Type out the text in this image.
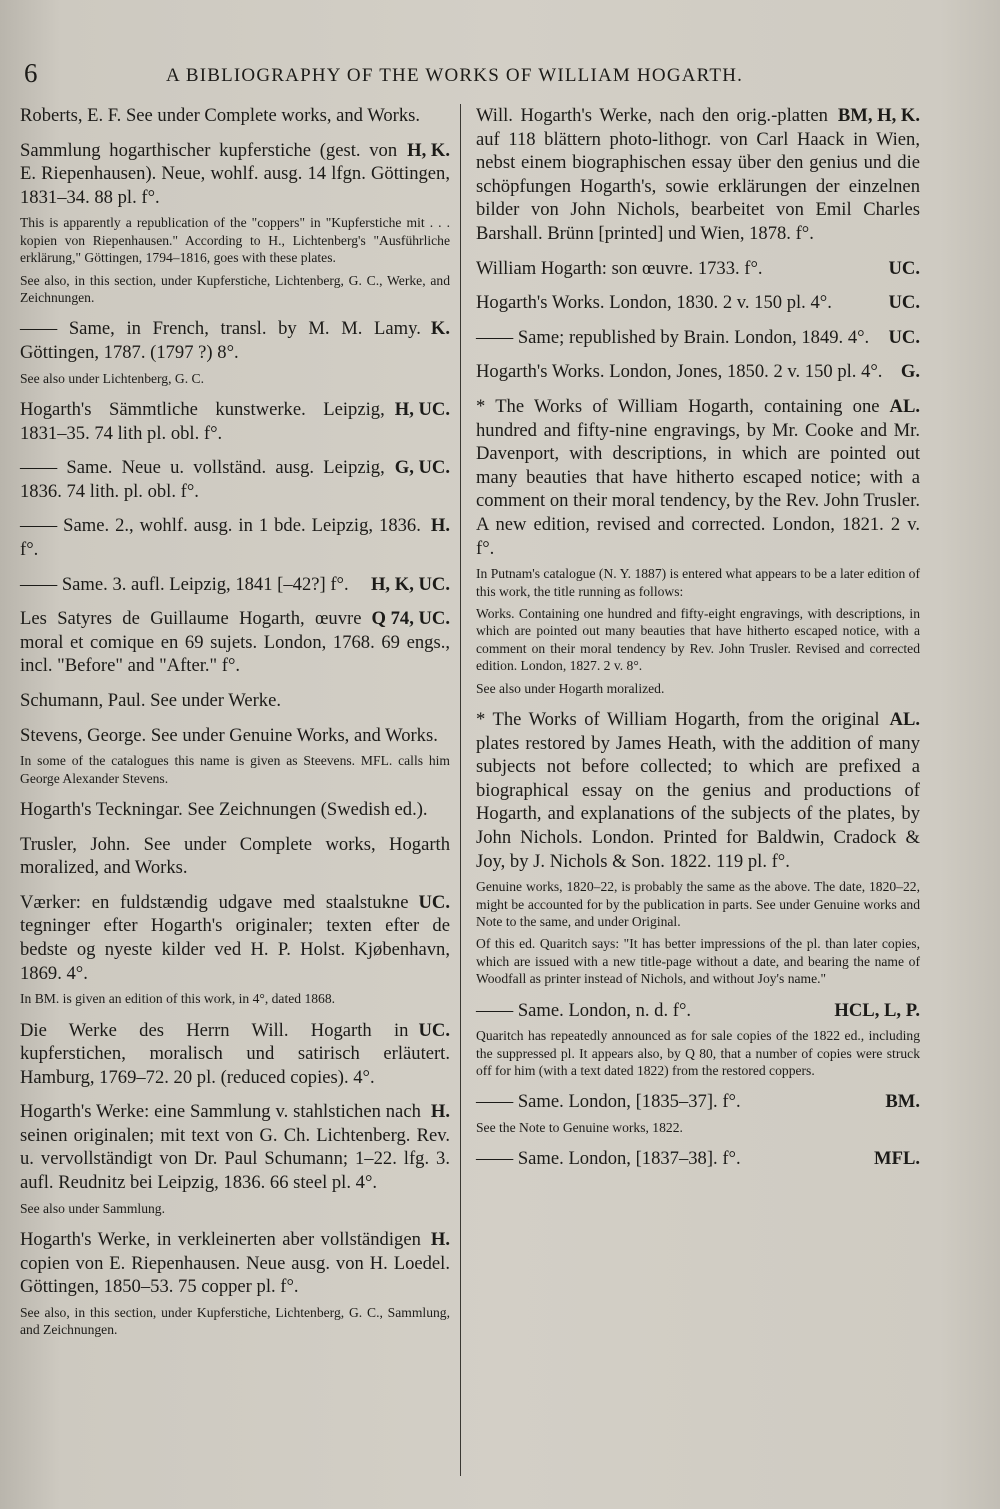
6	A BIBLIOGRAPHY OF THE WORKS OF WILLIAM HOGARTH.
Roberts, E. F. See under Complete works, and Works.
H, K.
Sammlung hogarthischer kupferstiche (gest. von E. Riepenhausen). Neue, wohlf. ausg. 14 lfgn. Göttingen, 1831–34. 88 pl. f°.
This is apparently a republication of the "coppers" in "Kupferstiche mit . . . kopien von Riepenhausen." According to H., Lichtenberg's "Ausführliche erklärung," Göttingen, 1794–1816, goes with these plates.
See also, in this section, under Kupferstiche, Lichtenberg, G. C., Werke, and Zeichnungen.
K.
—— Same, in French, transl. by M. M. Lamy. Göttingen, 1787. (1797 ?) 8°.
See also under Lichtenberg, G. C.
H, UC.
Hogarth's Sämmtliche kunstwerke. Leipzig, 1831–35. 74 lith pl. obl. f°.
G, UC.
—— Same. Neue u. vollständ. ausg. Leipzig, 1836. 74 lith. pl. obl. f°.
H.
—— Same. 2., wohlf. ausg. in 1 bde. Leipzig, 1836. f°.
H, K, UC.
—— Same. 3. aufl. Leipzig, 1841 [–42?] f°.
Q 74, UC.
Les Satyres de Guillaume Hogarth, œuvre moral et comique en 69 sujets. London, 1768. 69 engs., incl. "Before" and "After." f°.
Schumann, Paul. See under Werke.
Stevens, George. See under Genuine Works, and Works.
In some of the catalogues this name is given as Steevens. MFL. calls him George Alexander Stevens.
Hogarth's Teckningar. See Zeichnungen (Swedish ed.).
Trusler, John. See under Complete works, Hogarth moralized, and Works.
UC.
Værker: en fuldstændig udgave med staalstukne tegninger efter Hogarth's originaler; texten efter de bedste og nyeste kilder ved H. P. Holst. Kjøbenhavn, 1869. 4°.
In BM. is given an edition of this work, in 4°, dated 1868.
UC.
Die Werke des Herrn Will. Hogarth in kupferstichen, moralisch und satirisch erläutert. Hamburg, 1769–72. 20 pl. (reduced copies). 4°.
H.
Hogarth's Werke: eine Sammlung v. stahlstichen nach seinen originalen; mit text von G. Ch. Lichtenberg. Rev. u. vervollständigt von Dr. Paul Schumann; 1–22. lfg. 3. aufl. Reudnitz bei Leipzig, 1836. 66 steel pl. 4°.
See also under Sammlung.
H.
Hogarth's Werke, in verkleinerten aber vollständigen copien von E. Riepenhausen. Neue ausg. von H. Loedel. Göttingen, 1850–53. 75 copper pl. f°.
See also, in this section, under Kupferstiche, Lichtenberg, G. C., Sammlung, and Zeichnungen.
BM, H, K.
Will. Hogarth's Werke, nach den orig.-platten auf 118 blättern photo-lithogr. von Carl Haack in Wien, nebst einem biographischen essay über den genius und die schöpfungen Hogarth's, sowie erklärungen der einzelnen bilder von John Nichols, bearbeitet von Emil Charles Barshall. Brünn [printed] und Wien, 1878. f°.
UC.
William Hogarth: son œuvre. 1733. f°.
UC.
Hogarth's Works. London, 1830. 2 v. 150 pl. 4°.
UC.
—— Same; republished by Brain. London, 1849. 4°.
G.
Hogarth's Works. London, Jones, 1850. 2 v. 150 pl. 4°.
AL.
* The Works of William Hogarth, containing one hundred and fifty-nine engravings, by Mr. Cooke and Mr. Davenport, with descriptions, in which are pointed out many beauties that have hitherto escaped notice; with a comment on their moral tendency, by the Rev. John Trusler. A new edition, revised and corrected. London, 1821. 2 v. f°.
In Putnam's catalogue (N. Y. 1887) is entered what appears to be a later edition of this work, the title running as follows:
Works. Containing one hundred and fifty-eight engravings, with descriptions, in which are pointed out many beauties that have hitherto escaped notice, with a comment on their moral tendency by Rev. John Trusler. Revised and corrected edition. London, 1827. 2 v. 8°.
See also under Hogarth moralized.
AL.
* The Works of William Hogarth, from the original plates restored by James Heath, with the addition of many subjects not before collected; to which are prefixed a biographical essay on the genius and productions of Hogarth, and explanations of the subjects of the plates, by John Nichols. London. Printed for Baldwin, Cradock & Joy, by J. Nichols & Son. 1822. 119 pl. f°.
Genuine works, 1820–22, is probably the same as the above. The date, 1820–22, might be accounted for by the publication in parts. See under Genuine works and Note to the same, and under Original.
Of this ed. Quaritch says: "It has better impressions of the pl. than later copies, which are issued with a new title-page without a date, and bearing the name of Woodfall as printer instead of Nichols, and without Joy's name."
HCL, L, P.
—— Same. London, n. d. f°.
Quaritch has repeatedly announced as for sale copies of the 1822 ed., including the suppressed pl. It appears also, by Q 80, that a number of copies were struck off for him (with a text dated 1822) from the restored coppers.
BM.
—— Same. London, [1835–37]. f°.
See the Note to Genuine works, 1822.
MFL.
—— Same. London, [1837–38]. f°.
